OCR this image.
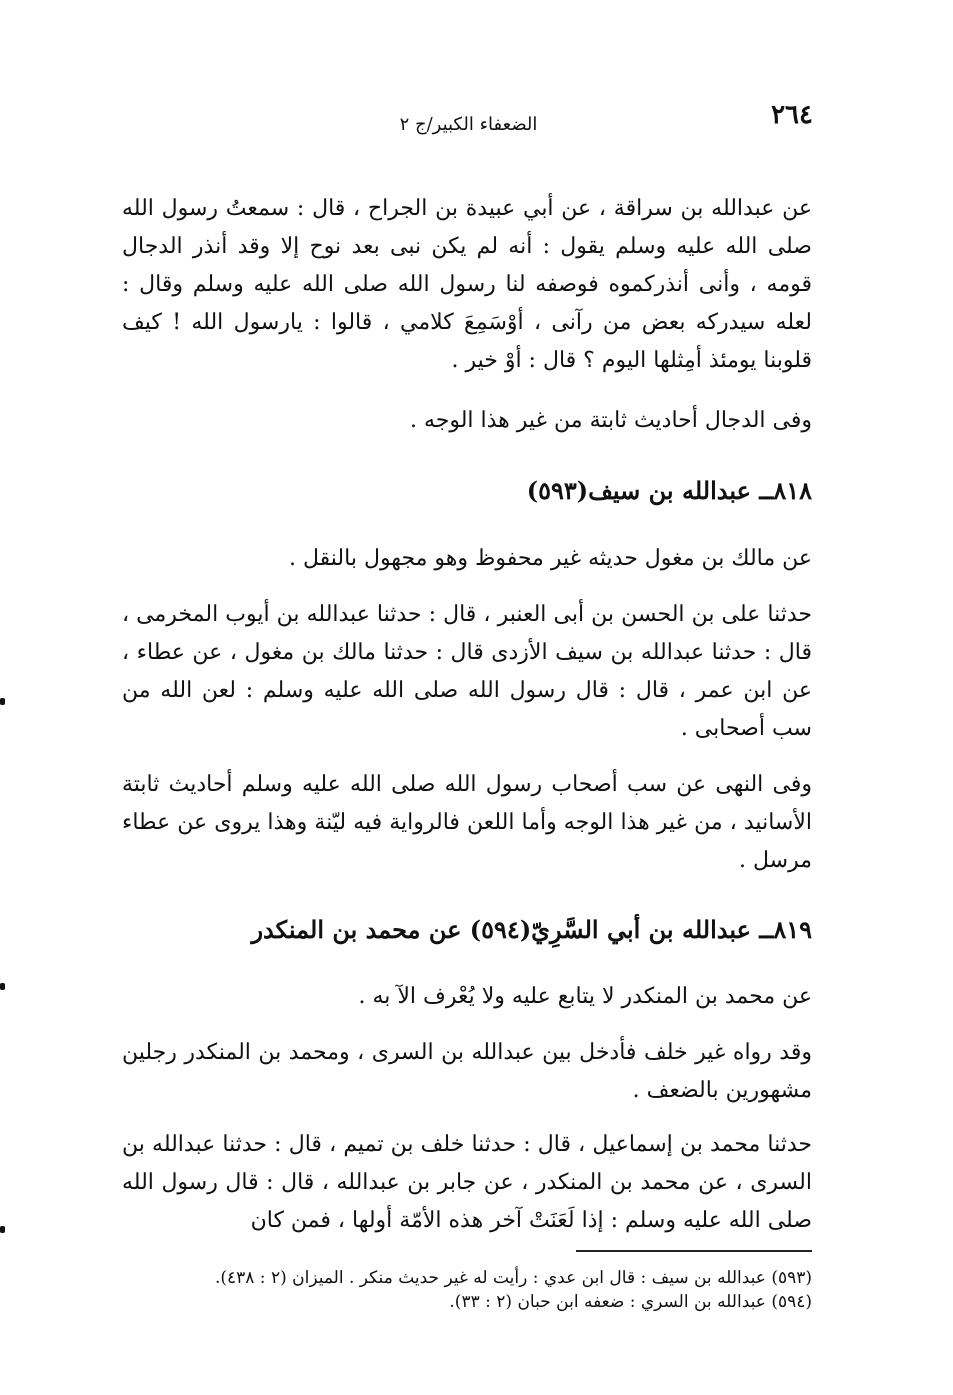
٢٦٤
الضعفاء الكبير/ج ٢

عن عبدالله بن سراقة ، عن أبي عبيدة بن الجراح ، قال : سمعتُ رسول الله صلى الله عليه وسلم يقول : أنه لم يكن نبى بعد نوح إلا وقد أنذر الدجال قومه ، وأنى أنذركموه فوصفه لنا رسول الله صلى الله عليه وسلم وقال : لعله سيدركه بعض من رآنى ، أوْسَمِعَ كلامي ، قالوا : يارسول الله ! كيف قلوبنا يومئذ أمِثلها اليوم ؟ قال : أوْ خير .

وفى الدجال أحاديث ثابتة من غير هذا الوجه .

٨١٨ــ عبدالله بن سيف(٥٩٣)

عن مالك بن مغول حديثه غير محفوظ وهو مجهول بالنقل .

حدثنا على بن الحسن بن أبى العنبر ، قال : حدثنا عبدالله بن أيوب المخرمى ، قال : حدثنا عبدالله بن سيف الأزدى قال : حدثنا مالك بن مغول ، عن عطاء ، عن ابن عمر ، قال : قال رسول الله صلى الله عليه وسلم : لعن الله من سب أصحابى .

وفى النهى عن سب أصحاب رسول الله صلى الله عليه وسلم أحاديث ثابتة الأسانيد ، من غير هذا الوجه وأما اللعن فالرواية فيه ليّنة وهذا يروى عن عطاء مرسل .

٨١٩ــ عبدالله بن أبي السَّرِيّ(٥٩٤) عن محمد بن المنكدر

عن محمد بن المنكدر لا يتابع عليه ولا يُعْرف الآ به .

وقد رواه غير خلف فأدخل بين عبدالله بن السرى ، ومحمد بن المنكدر رجلين مشهورين بالضعف .

حدثنا محمد بن إسماعيل ، قال : حدثنا خلف بن تميم ، قال : حدثنا عبدالله بن السرى ، عن محمد بن المنكدر ، عن جابر بن عبدالله ، قال : قال رسول الله صلى الله عليه وسلم : إذا لَعَنَتْ آخر هذه الأمّة أولها ، فمن كان

(٥٩٣) عبدالله بن سيف : قال ابن عدي : رأيت له غير حديث منكر . الميزان (٢ : ٤٣٨).
(٥٩٤) عبدالله بن السري : ضعفه ابن حبان (٢ : ٣٣).
